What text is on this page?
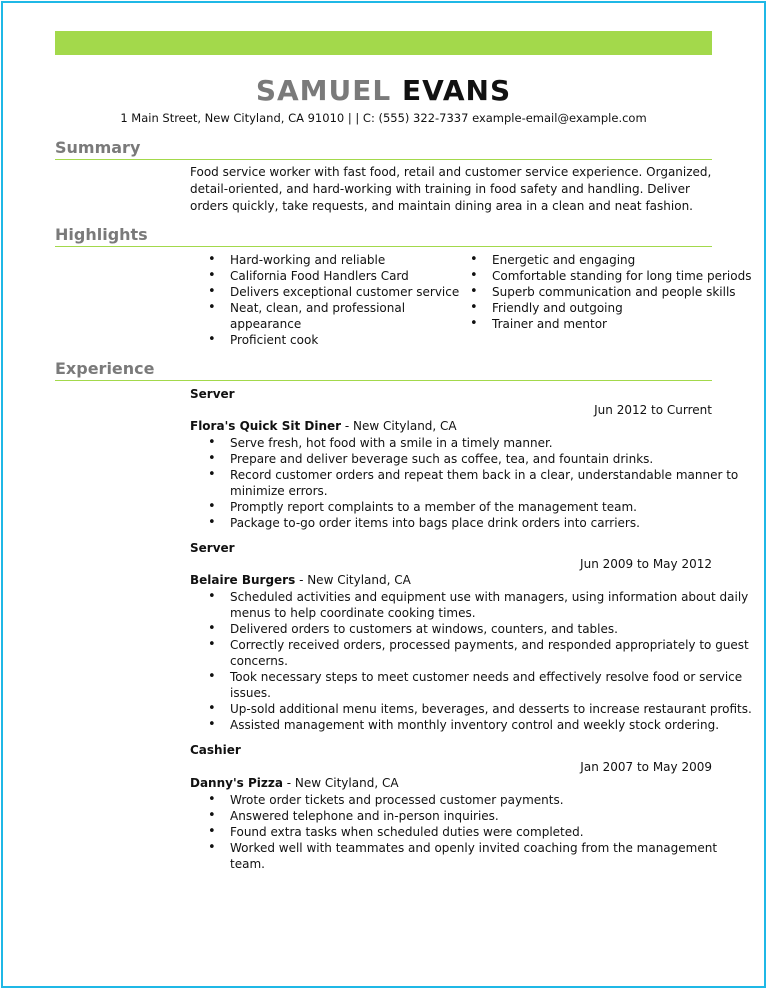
SAMUEL EVANS
1 Main Street, New Cityland, CA 91010 | | C: (555) 322-7337 example-email@example.com
Summary
Food service worker with fast food, retail and customer service experience. Organized, detail-oriented, and hard-working with training in food safety and handling. Deliver orders quickly, take requests, and maintain dining area in a clean and neat fashion.
Highlights
• Hard-working and reliable
• California Food Handlers Card
• Delivers exceptional customer service
• Neat, clean, and professional appearance
• Proficient cook
• Energetic and engaging
• Comfortable standing for long time periods
• Superb communication and people skills
• Friendly and outgoing
• Trainer and mentor
Experience
Server
Jun 2012 to Current
Flora's Quick Sit Diner - New Cityland, CA
• Serve fresh, hot food with a smile in a timely manner.
• Prepare and deliver beverage such as coffee, tea, and fountain drinks.
• Record customer orders and repeat them back in a clear, understandable manner to minimize errors.
• Promptly report complaints to a member of the management team.
• Package to-go order items into bags place drink orders into carriers.
Server
Jun 2009 to May 2012
Belaire Burgers - New Cityland, CA
• Scheduled activities and equipment use with managers, using information about daily menus to help coordinate cooking times.
• Delivered orders to customers at windows, counters, and tables.
• Correctly received orders, processed payments, and responded appropriately to guest concerns.
• Took necessary steps to meet customer needs and effectively resolve food or service issues.
• Up-sold additional menu items, beverages, and desserts to increase restaurant profits.
• Assisted management with monthly inventory control and weekly stock ordering.
Cashier
Jan 2007 to May 2009
Danny's Pizza - New Cityland, CA
• Wrote order tickets and processed customer payments.
• Answered telephone and in-person inquiries.
• Found extra tasks when scheduled duties were completed.
• Worked well with teammates and openly invited coaching from the management team.
